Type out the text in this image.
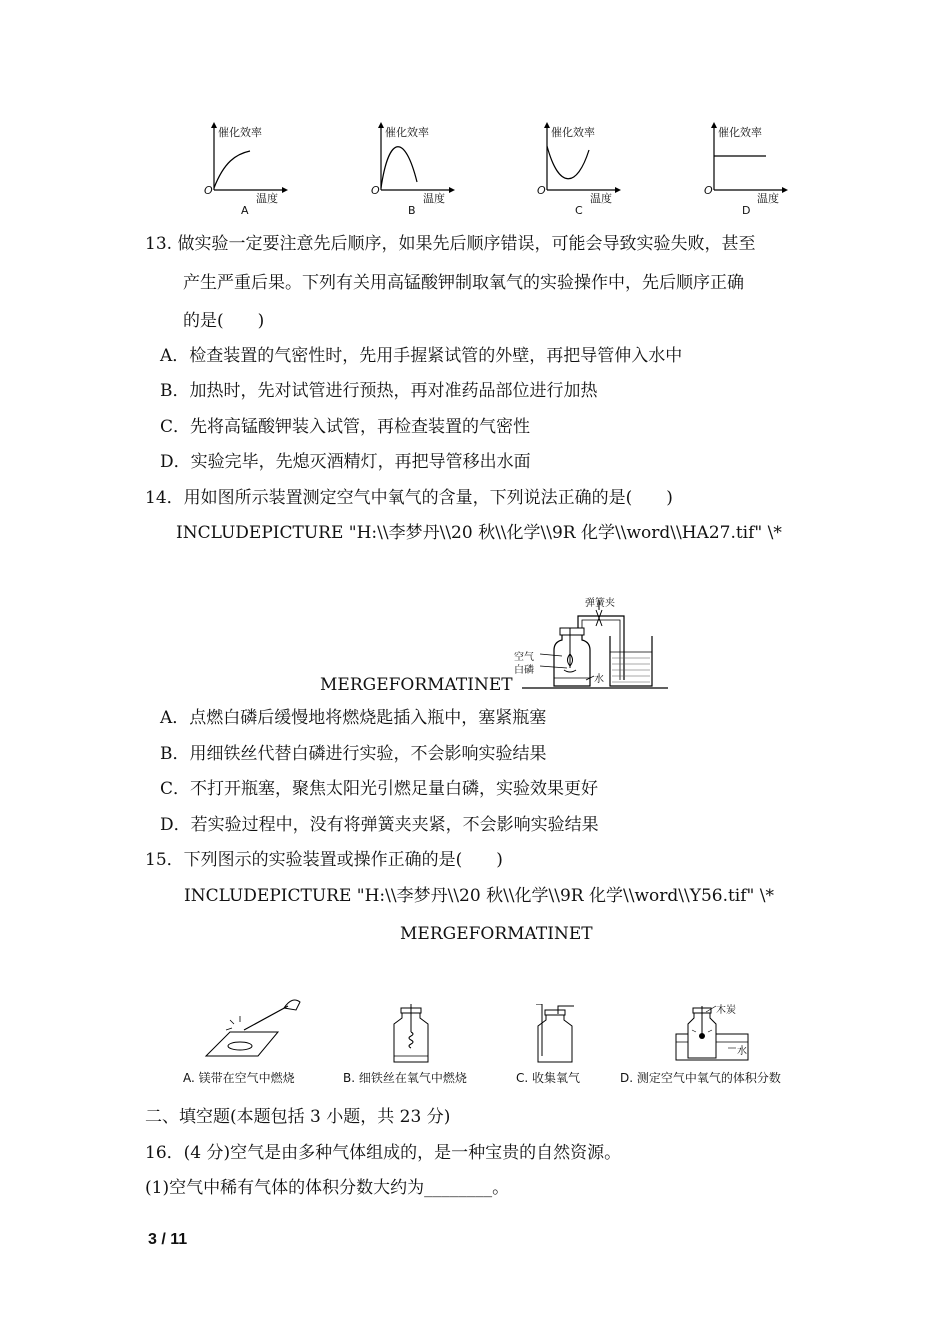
催化效率
温度
O
A
催化效率
温度
O
B
催化效率
温度
O
C
催化效率
温度
O
D
13. 做实验一定要注意先后顺序，如果先后顺序错误，可能会导致实验失败，甚至
产生严重后果。下列有关用高锰酸钾制取氧气的实验操作中，先后顺序正确
的是(　　)
A．检查装置的气密性时，先用手握紧试管的外壁，再把导管伸入水中
B．加热时，先对试管进行预热，再对准药品部位进行加热
C．先将高锰酸钾装入试管，再检查装置的气密性
D．实验完毕，先熄灭酒精灯，再把导管移出水面
14．用如图所示装置测定空气中氧气的含量，下列说法正确的是(　　)
INCLUDEPICTURE "H:\\李梦丹\\20 秋\\化学\\9R 化学\\word\\HA27.tif" \*
MERGEFORMATINET
弹簧夹
空气
白磷
水
A．点燃白磷后缓慢地将燃烧匙插入瓶中，塞紧瓶塞
B．用细铁丝代替白磷进行实验，不会影响实验结果
C．不打开瓶塞，聚焦太阳光引燃足量白磷，实验效果更好
D．若实验过程中，没有将弹簧夹夹紧，不会影响实验结果
15．下列图示的实验装置或操作正确的是(　　)
INCLUDEPICTURE "H:\\李梦丹\\20 秋\\化学\\9R 化学\\word\\Y56.tif" \*
MERGEFORMATINET
木炭
水
A. 镁带在空气中燃烧	B. 细铁丝在氧气中燃烧	C. 收集氧气	D. 测定空气中氧气的体积分数
二、填空题(本题包括 3 小题，共 23 分)
16．(4 分)空气是由多种气体组成的，是一种宝贵的自然资源。
(1)空气中稀有气体的体积分数大约为________。
3 / 11
